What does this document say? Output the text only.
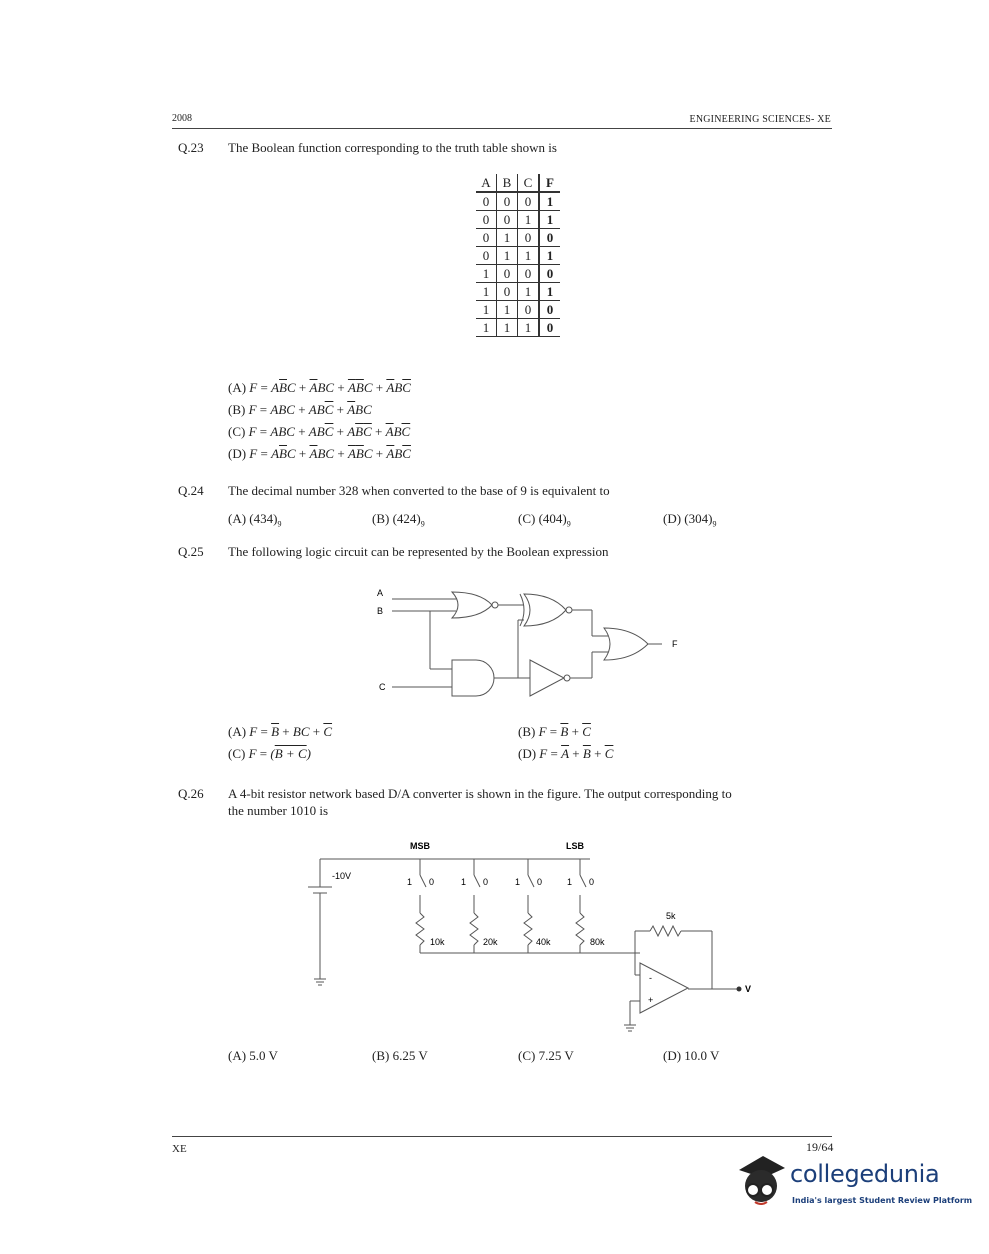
2008	ENGINEERING SCIENCES- XE
Q.23 The Boolean function corresponding to the truth table shown is
A	B	C	F
0	0	0	1
0	0	1	1
0	1	0	0
0	1	1	1
1	0	0	0
1	0	1	1
1	1	0	0
1	1	1	0
(A) $F = A\overline{B}C + \overline{A}BC + \overline{A}\overline{B}C + \overline{A}B\overline{C}$
(B) F = ABC + $AB\overline{C} + \overline{A}BC$
(C) F = ABC + $AB\overline{C} + A\overline{B}\overline{C} + \overline{A}B\overline{C}$
(D) $F = A\overline{B}C + \overline{A}BC + \overline{A}\overline{B}C + \overline{A}B\overline{C}$
Q.24 The decimal number 328 when converted to the base of 9 is equivalent to
(A) $(434)_9$	(B) $(424)_9$	(C) $(404)_9$	(D) $(304)_9$
Q.25 The following logic circuit can be represented by the Boolean expression
A
B
C
F
(A) $F = \overline{B}$ + BC + $\overline{C}$
(C) F = (B + C)
(B) $F = \overline{B} + \overline{C}$
(D) $F = \overline{A} + \overline{B} + \overline{C}$
Q.26 A 4-bit resistor network based D/A converter is shown in the figure. The output corresponding to
the number 1010 is
MSB	LSB
-10V
1 0	1 0	1 0	1 0
10k	20k	40k	80k
5k
-
+
V
(A) 5.0 V	(B) 6.25 V	(C) 7.25 V	(D) 10.0 V
XE	19/64
collegedunia
India's largest Student Review Platform
